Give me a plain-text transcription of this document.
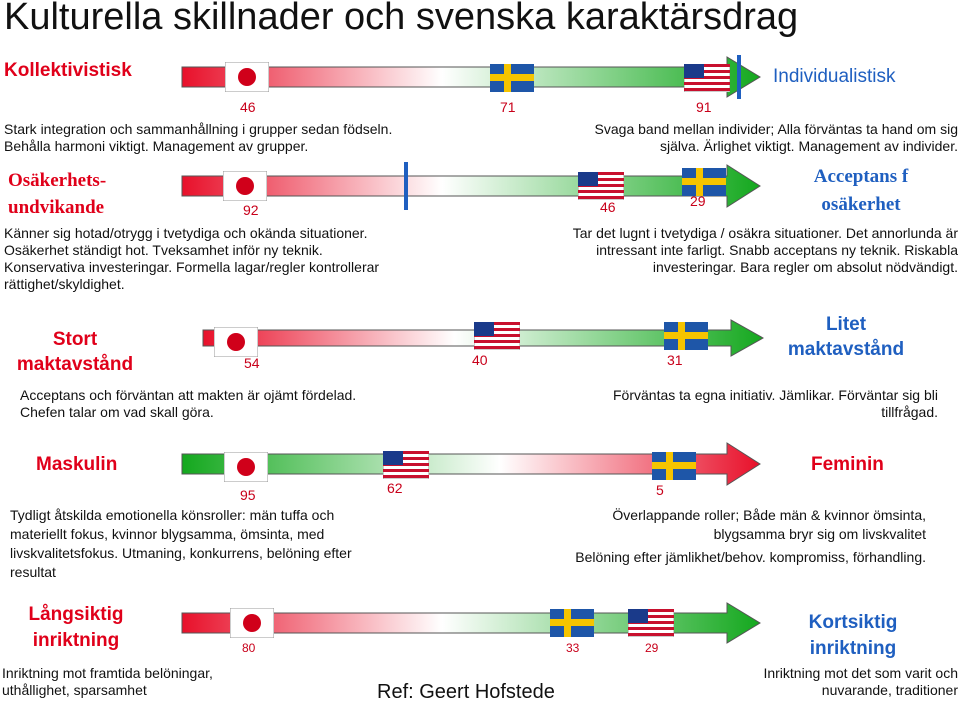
Kulturella skillnader och svenska karaktärsdrag
Kollektivistisk	Individualistisk
46	71	91
Stark integration och sammanhållning i grupper sedan födseln.
Behålla harmoni viktigt. Management av grupper.
Svaga band mellan individer; Alla förväntas ta hand om sig
själva. Ärlighet viktigt. Management av individer.
Osäkerhets-
undvikande
Acceptans f
osäkerhet
92	46	29
Känner sig hotad/otrygg i tvetydiga och okända situationer.
Osäkerhet ständigt hot. Tveksamhet inför ny teknik.
Konservativa investeringar. Formella lagar/regler kontrollerar
rättighet/skyldighet.
Tar det lugnt i tvetydiga / osäkra situationer. Det annorlunda är
intressant inte farligt. Snabb acceptans ny teknik. Riskabla
investeringar. Bara regler om absolut nödvändigt.
Stort
maktavstånd
Litet
maktavstånd
54	40	31
Acceptans och förväntan att makten är ojämt fördelad.
Chefen talar om vad skall göra.
Förväntas ta egna initiativ. Jämlikar. Förväntar sig bli
tillfrågad.
Maskulin	Feminin
95	62	5
Tydligt åtskilda emotionella könsroller: män tuffa och
materiellt fokus, kvinnor blygsamma, ömsinta, med
livskvalitetsfokus. Utmaning, konkurrens, belöning efter
resultat
Överlappande roller; Både män & kvinnor ömsinta,
blygsamma bryr sig om livskvalitet
Belöning efter jämlikhet/behov. kompromiss, förhandling.
Långsiktig
inriktning
Kortsiktig
inriktning
80	33	29
Inriktning mot framtida belöningar,
uthållighet, sparsamhet
Inriktning mot det som varit och
nuvarande, traditioner
Ref: Geert Hofstede
